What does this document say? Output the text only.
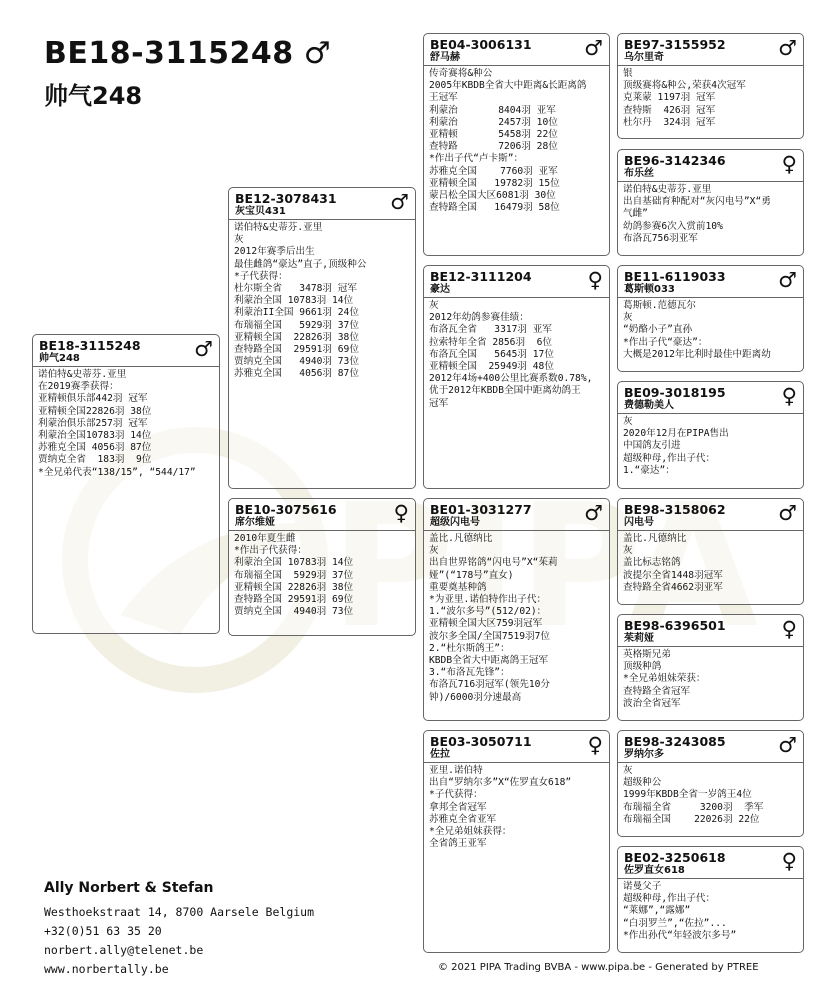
BE18-3115248 ♂
帅气248
BE18-3115248
帅气248	♂
诺伯特&史蒂芬.亚里
在2019赛季获得：
亚精顿俱乐部442羽 冠军
亚精顿全国22826羽 38位
利蒙治俱乐部257羽 冠军
利蒙治全国10783羽 14位
苏雅克全国 4056羽 87位
贾纳克全省  183羽  9位
*全兄弟代表“138/15”, “544/17”
BE12-3078431
灰宝贝431	♂
诺伯特&史蒂芬.亚里
灰
2012年赛季后出生
最佳雌鸽“豪达”直子,顶级种公
*子代获得：
杜尔斯全省   3478羽 冠军
利蒙治全国 10783羽 14位
利蒙治II全国 9661羽 24位
布瑞福全国   5929羽 37位
亚精顿全国  22826羽 38位
查特路全国  29591羽 69位
贾纳克全国   4940羽 73位
苏雅克全国   4056羽 87位
BE10-3075616
席尔维娅	♀
2010年夏生雌
*作出子代获得：
利蒙治全国 10783羽 14位
布瑞福全国  5929羽 37位
亚精顿全国 22826羽 38位
查特路全国 29591羽 69位
贾纳克全国  4940羽 73位
BE04-3006131
舒马赫	♂
传奇赛将&种公
2005年KBDB全省大中距离&长距离鸽
王冠军
利蒙治       8404羽 亚军
利蒙治       2457羽 10位
亚精顿       5458羽 22位
查特路       7206羽 28位
*作出子代“卢卡斯”：
苏雅克全国    7760羽 亚军
亚精顿全国   19782羽 15位
蒙吕松全国大区6081羽 30位
查特路全国   16479羽 58位
BE12-3111204
豪达	♀
灰
2012年幼鸽参赛佳绩：
布洛瓦全省   3317羽 亚军
拉索特年全省 2856羽  6位
布洛瓦全国   5645羽 17位
亚精顿全国  25949羽 48位
2012年4场+400公里比赛系数0.78%,
优于2012年KBDB全国中距离幼鸽王
冠军
BE01-3031277
超级闪电号	♂
盖比.凡德纳比
灰
出自世界铭鸽“闪电号”X“茱莉
娅”(“178号”直女)
重要奠基种鸽
*为亚里.诺伯特作出子代：
1.“波尔多号”(512/02)：
亚精顿全国大区759羽冠军
波尔多全国/全国7519羽7位
2.“杜尔斯鸽王”：
KBDB全省大中距离鸽王冠军
3.“布洛瓦先锋”：
布洛瓦716羽冠军(领先10分
钟)/6000羽分速最高
BE03-3050711
佐拉	♀
亚里.诺伯特
出自“罗纳尔多”X“佐罗直女618”
*子代获得：
拿邦全省冠军
苏雅克全省亚军
*全兄弟姐妹获得：
全省鸽王亚军
BE97-3155952
乌尔里奇	♂
银
顶级赛将&种公,荣获4次冠军
克莱蒙 1197羽 冠军
查特斯  426羽 冠军
杜尔丹  324羽 冠军
BE96-3142346
布乐丝	♀
诺伯特&史蒂芬.亚里
出自基础育种配对“灰闪电号”X“勇
气雌”
幼鸽参赛6次入赏前10%
布洛瓦756羽亚军
BE11-6119033
葛斯顿033	♂
葛斯顿.范德瓦尔
灰
“奶酪小子”直孙
*作出子代“豪达”：
大概是2012年比利时最佳中距离幼
BE09-3018195
费德勒美人	♀
灰
2020年12月在PIPA售出
中国鸽友引进
超级种母,作出子代：
1.“豪达”：
BE98-3158062
闪电号	♂
盖比.凡德纳比
灰
盖比标志铭鸽
波提尔全省1448羽冠军
查特路全省4662羽亚军
BE98-6396501
茱莉娅	♀
英格斯兄弟
顶级种鸽
*全兄弟姐妹荣获：
查特路全省冠军
波治全省冠军
BE98-3243085
罗纳尔多	♂
灰
超级种公
1999年KBDB全省一岁鸽王4位
布瑞福全省     3200羽  季军
布瑞福全国    22026羽 22位
BE02-3250618
佐罗直女618	♀
诺曼父子
超级种母,作出子代：
“莱娜”,“露娜”
“白羽罗兰”,“佐拉”...
*作出孙代“年轻波尔多号”
Ally Norbert & Stefan
Westhoekstraat 14, 8700 Aarsele Belgium
+32(0)51 63 35 20
norbert.ally@telenet.be
www.norbertally.be	© 2021 PIPA Trading BVBA - www.pipa.be - Generated by PTREE
